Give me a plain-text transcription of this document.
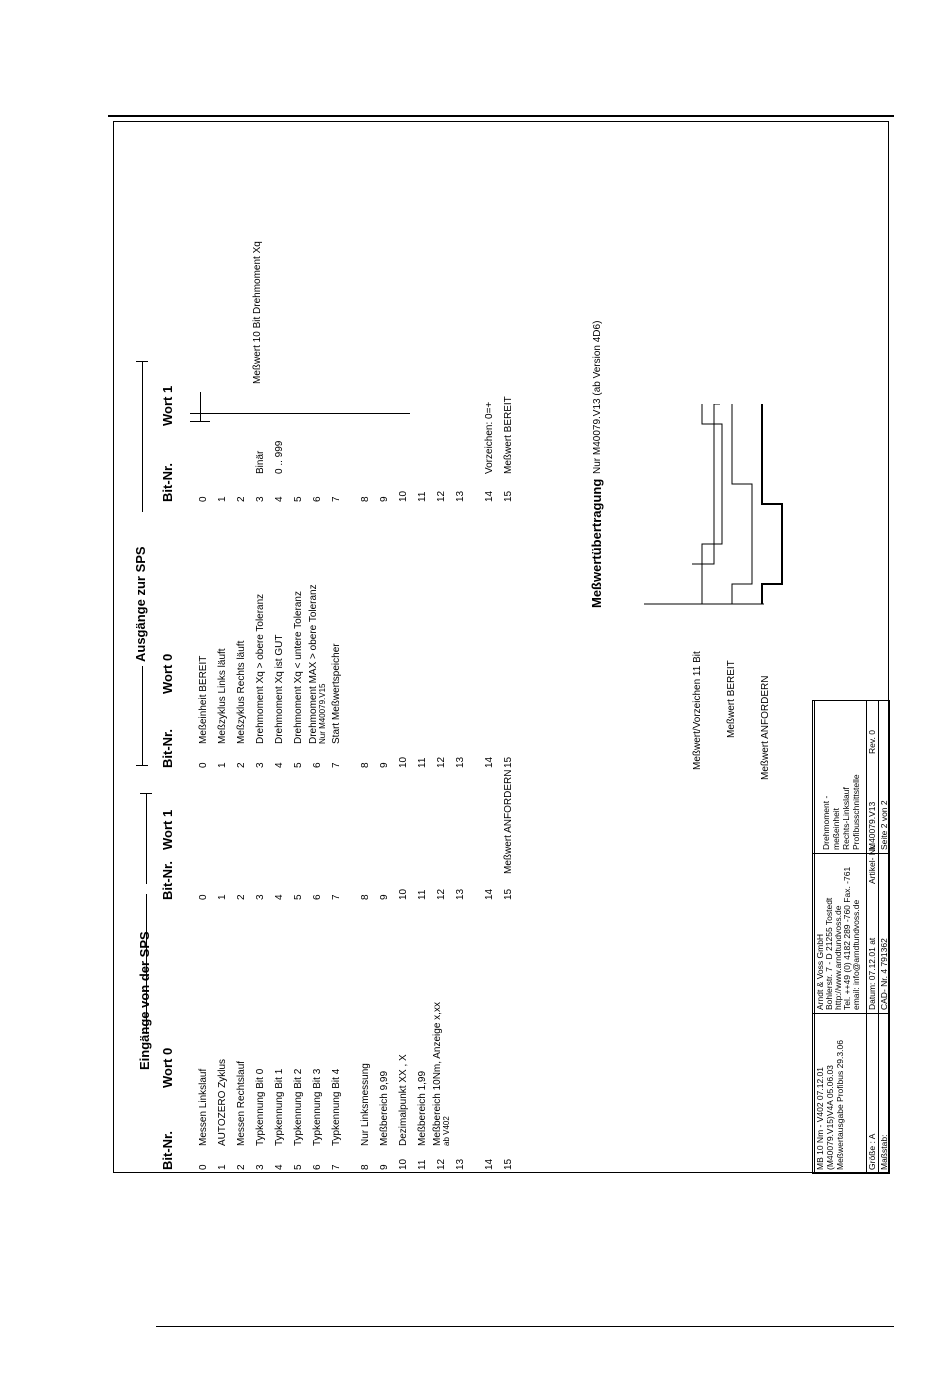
Eingänge von der SPS
Ausgänge zur SPS
Bit-Nr.
Wort 0
Bit-Nr.
Wort 1
Bit-Nr.
Wort 0
Bit-Nr.
Wort 1
0
Messen Linkslauf
1
AUTOZERO Zyklus
2
Messen Rechtslauf
3
Typkennung Bit 0
4
Typkennung Bit 1
5
Typkennung Bit 2
6
Typkennung Bit 3
7
Typkennung Bit 4
8
Nur Linksmessung
9
Meßbereich 9,99
10
Dezimalpunkt XX , X
11
Meßbereich 1,99
12
Meßbereich 10Nm, Anzeige x,xx ab V402
13 14 15
0 1 2 3 4 5 6 7 8 9 10 11 12 13 14 15
Meßwert ANFORDERN
0
Meßeinheit BEREIT
1
Meßzyklus Links läuft
2
Meßzyklus Rechts läuft
3
Drehmoment Xq > obere Toleranz
4
Drehmoment Xq ist GUT
5
Drehmoment Xq < untere Toleranz
6
Drehmoment MAX > obere Toleranz Nur M40079.V15
7
Start Meßwertspeicher
8 9 10 11 12 13 14 15
0 1 2 3
Binär
4
0 .. 999
5 6 7 8 9 10 11 12 13 14
Vorzeichen: 0=+
15
Meßwert BEREIT
Meßwert 10 Bit Drehmoment Xq
Meßwertübertragung
Nur M40079.V13 (ab Version 4D6)
Meßwert/Vorzeichen 11 Bit Meßwert BEREIT Meßwert ANFORDERN
MB 10 Nm - V402 07.12.01 (M40079.V15)V4A 05.06.03 Meßwertausgabe Profibus 29.3.06
Arndt & Voss GmbH Bohlerstr. 7 - D 21255 Tostedt http://www.arndtundvoss.de Tel. ++49 (0) 4182 289 -760 Fax. -761 email: info@arndtundvoss.de
Drehmoment - meßeinheit Rechts-Linkslauf Profibusschnittstelle
Größe : A Maßstab:
Datum: 07.12.01 at CAD- Nr. 4 791362
Artikel- Nr.
M40079.V13
Rev. 0
Seite 2 von 2
